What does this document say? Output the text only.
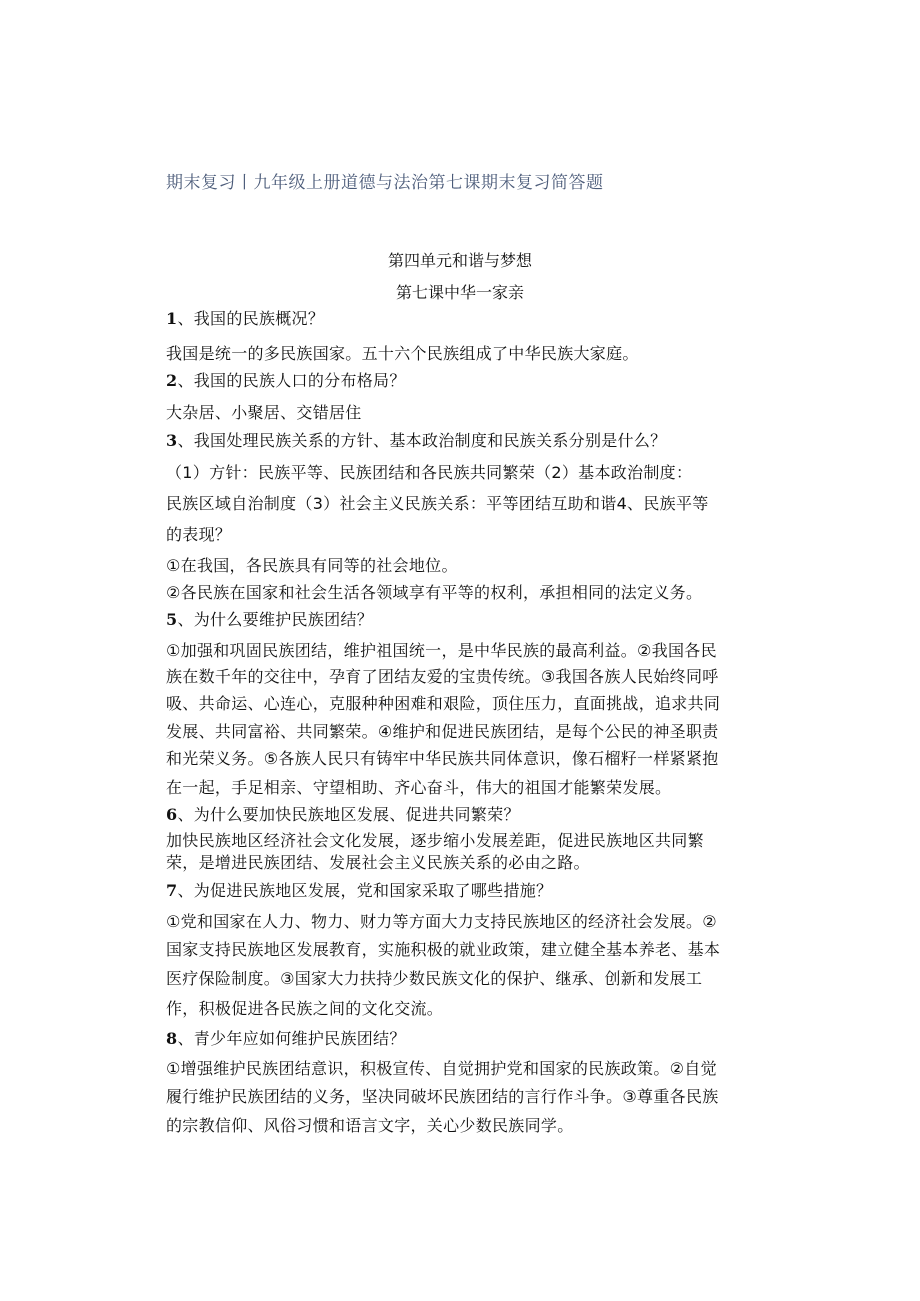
期末复习丨九年级上册道德与法治第七课期末复习简答题
第四单元和谐与梦想
第七课中华一家亲
1、我国的民族概况？
我国是统一的多民族国家。五十六个民族组成了中华民族大家庭。
2、我国的民族人口的分布格局？
大杂居、小聚居、交错居住
3、我国处理民族关系的方针、基本政治制度和民族关系分别是什么？
（1）方针：民族平等、民族团结和各民族共同繁荣（2）基本政治制度：
民族区域自治制度（3）社会主义民族关系：平等团结互助和谐4、民族平等
的表现？
①在我国，各民族具有同等的社会地位。
②各民族在国家和社会生活各领域享有平等的权利，承担相同的法定义务。
5、为什么要维护民族团结？
①加强和巩固民族团结，维护祖国统一，是中华民族的最高利益。②我国各民
族在数千年的交往中，孕育了团结友爱的宝贵传统。③我国各族人民始终同呼
吸、共命运、心连心，克服种种困难和艰险，顶住压力，直面挑战，追求共同
发展、共同富裕、共同繁荣。④维护和促进民族团结，是每个公民的神圣职责
和光荣义务。⑤各族人民只有铸牢中华民族共同体意识，像石榴籽一样紧紧抱
在一起，手足相亲、守望相助、齐心奋斗，伟大的祖国才能繁荣发展。
6、为什么要加快民族地区发展、促进共同繁荣？
加快民族地区经济社会文化发展，逐步缩小发展差距，促进民族地区共同繁
荣，是增进民族团结、发展社会主义民族关系的必由之路。
7、为促进民族地区发展，党和国家采取了哪些措施？
①党和国家在人力、物力、财力等方面大力支持民族地区的经济社会发展。②
国家支持民族地区发展教育，实施积极的就业政策，建立健全基本养老、基本
医疗保险制度。③国家大力扶持少数民族文化的保护、继承、创新和发展工
作，积极促进各民族之间的文化交流。
8、青少年应如何维护民族团结？
①增强维护民族团结意识，积极宣传、自觉拥护党和国家的民族政策。②自觉
履行维护民族团结的义务，坚决同破坏民族团结的言行作斗争。③尊重各民族
的宗教信仰、风俗习惯和语言文字，关心少数民族同学。
